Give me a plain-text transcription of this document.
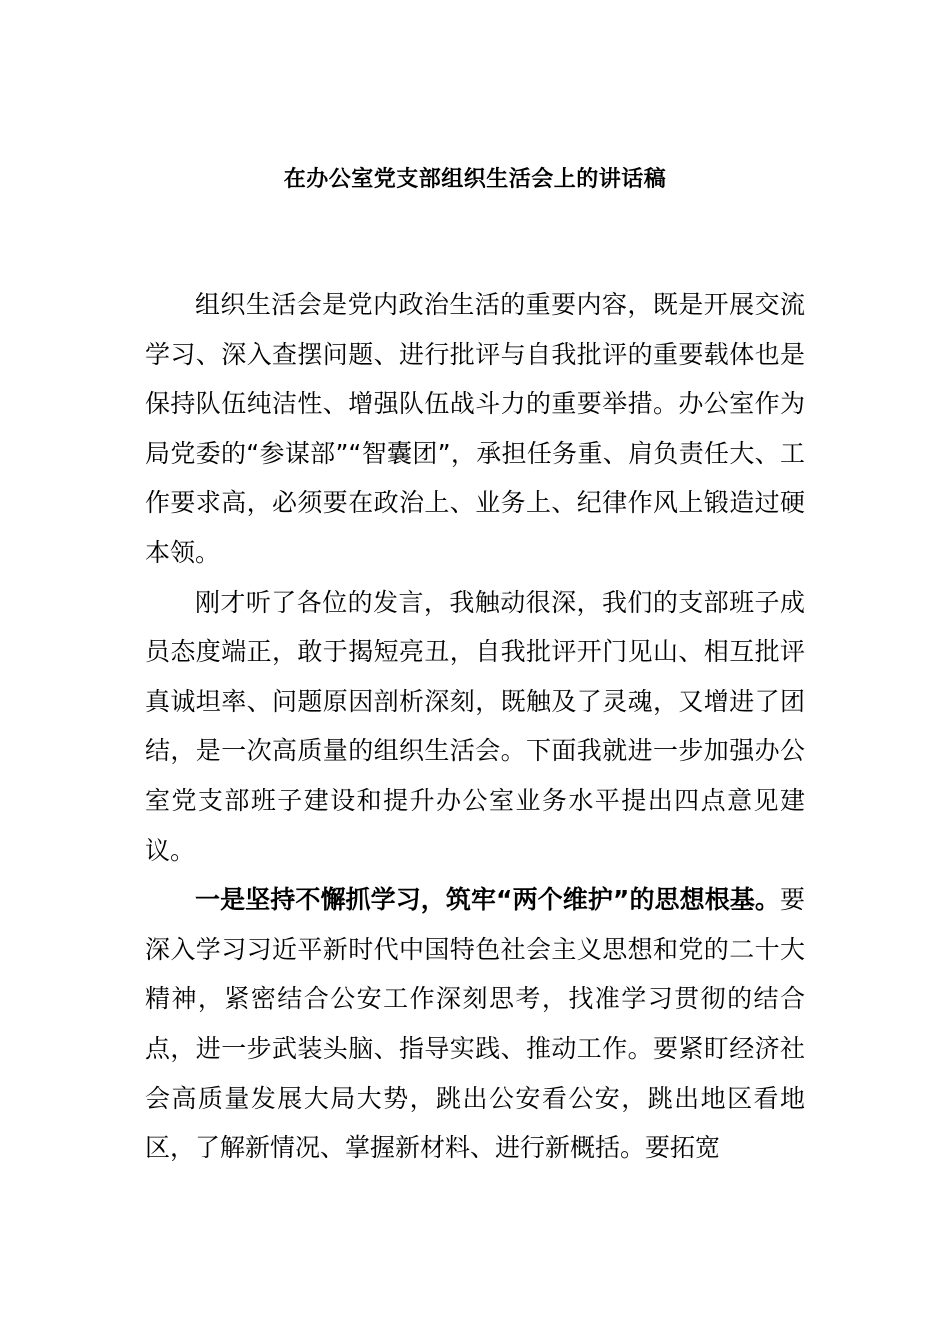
在办公室党支部组织生活会上的讲话稿

组织生活会是党内政治生活的重要内容，既是开展交流学习、深入查摆问题、进行批评与自我批评的重要载体也是保持队伍纯洁性、增强队伍战斗力的重要举措。办公室作为局党委的“参谋部”“智囊团”，承担任务重、肩负责任大、工作要求高，必须要在政治上、业务上、纪律作风上锻造过硬本领。

刚才听了各位的发言，我触动很深，我们的支部班子成员态度端正，敢于揭短亮丑，自我批评开门见山、相互批评真诚坦率、问题原因剖析深刻，既触及了灵魂，又增进了团结，是一次高质量的组织生活会。下面我就进一步加强办公室党支部班子建设和提升办公室业务水平提出四点意见建议。

一是坚持不懈抓学习，筑牢“两个维护”的思想根基。要深入学习习近平新时代中国特色社会主义思想和党的二十大精神，紧密结合公安工作深刻思考，找准学习贯彻的结合点，进一步武装头脑、指导实践、推动工作。要紧盯经济社会高质量发展大局大势，跳出公安看公安，跳出地区看地区，了解新情况、掌握新材料、进行新概括。要拓宽
